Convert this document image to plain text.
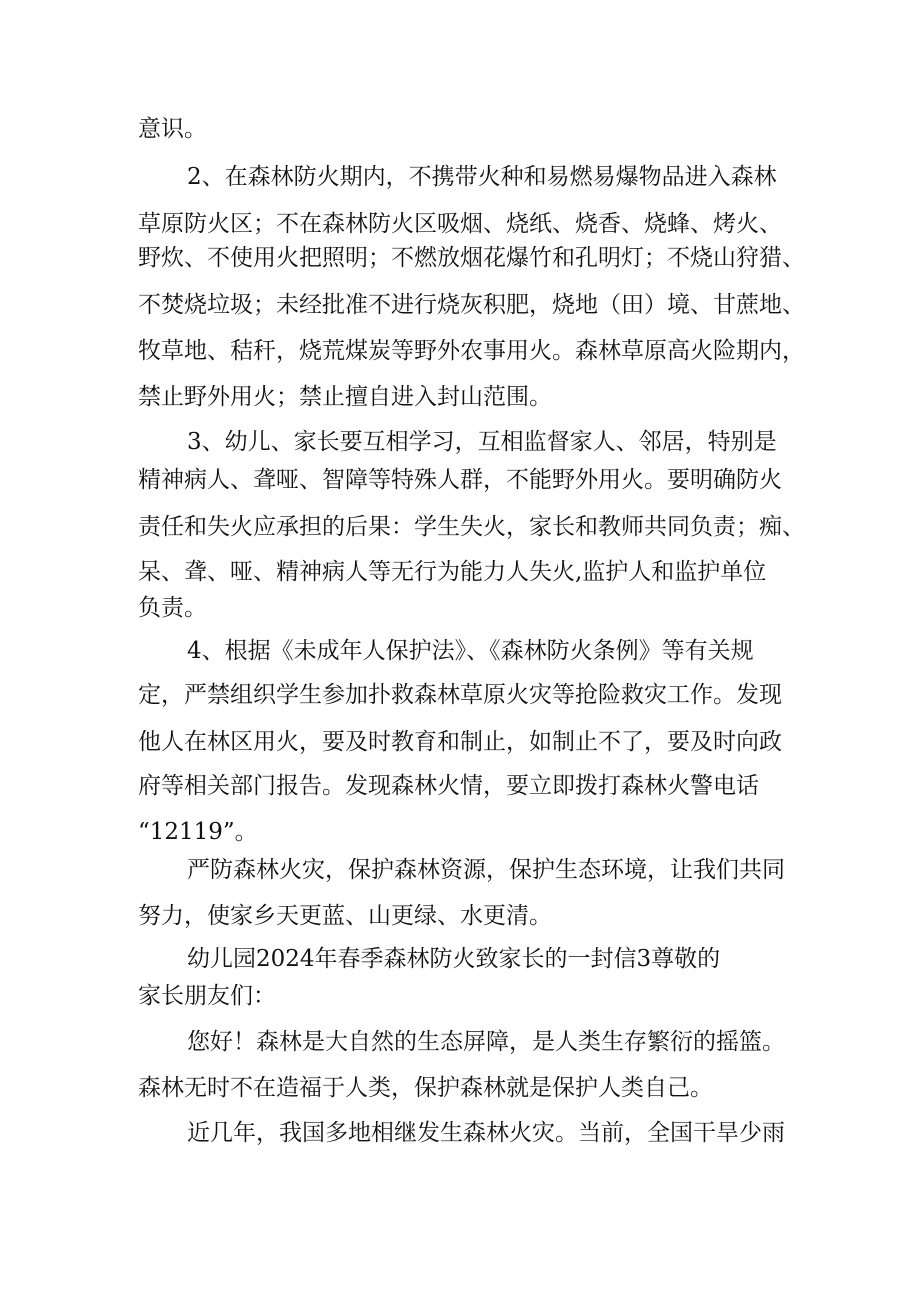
意识。
2、在森林防火期内，不携带火种和易燃易爆物品进入森林
草原防火区；不在森林防火区吸烟、烧纸、烧香、烧蜂、烤火、
野炊、不使用火把照明；不燃放烟花爆竹和孔明灯；不烧山狩猎、
不焚烧垃圾；未经批准不进行烧灰积肥，烧地（田）境、甘蔗地、
牧草地、秸秆，烧荒煤炭等野外农事用火。森林草原高火险期内，
禁止野外用火；禁止擅自进入封山范围。
3、幼儿、家长要互相学习，互相监督家人、邻居，特别是
精神病人、聋哑、智障等特殊人群，不能野外用火。要明确防火
责任和失火应承担的后果：学生失火，家长和教师共同负责；痴、
呆、聋、哑、精神病人等无行为能力人失火,监护人和监护单位
负责。
4、根据《未成年人保护法》、《森林防火条例》等有关规
定，严禁组织学生参加扑救森林草原火灾等抢险救灾工作。发现
他人在林区用火，要及时教育和制止，如制止不了，要及时向政
府等相关部门报告。发现森林火情，要立即拨打森林火警电话
“12119”。
严防森林火灾，保护森林资源，保护生态环境，让我们共同
努力，使家乡天更蓝、山更绿、水更清。
幼儿园2024年春季森林防火致家长的一封信3尊敬的
家长朋友们：
您好！森林是大自然的生态屏障，是人类生存繁衍的摇篮。
森林无时不在造福于人类，保护森林就是保护人类自己。
近几年，我国多地相继发生森林火灾。当前，全国干旱少雨
